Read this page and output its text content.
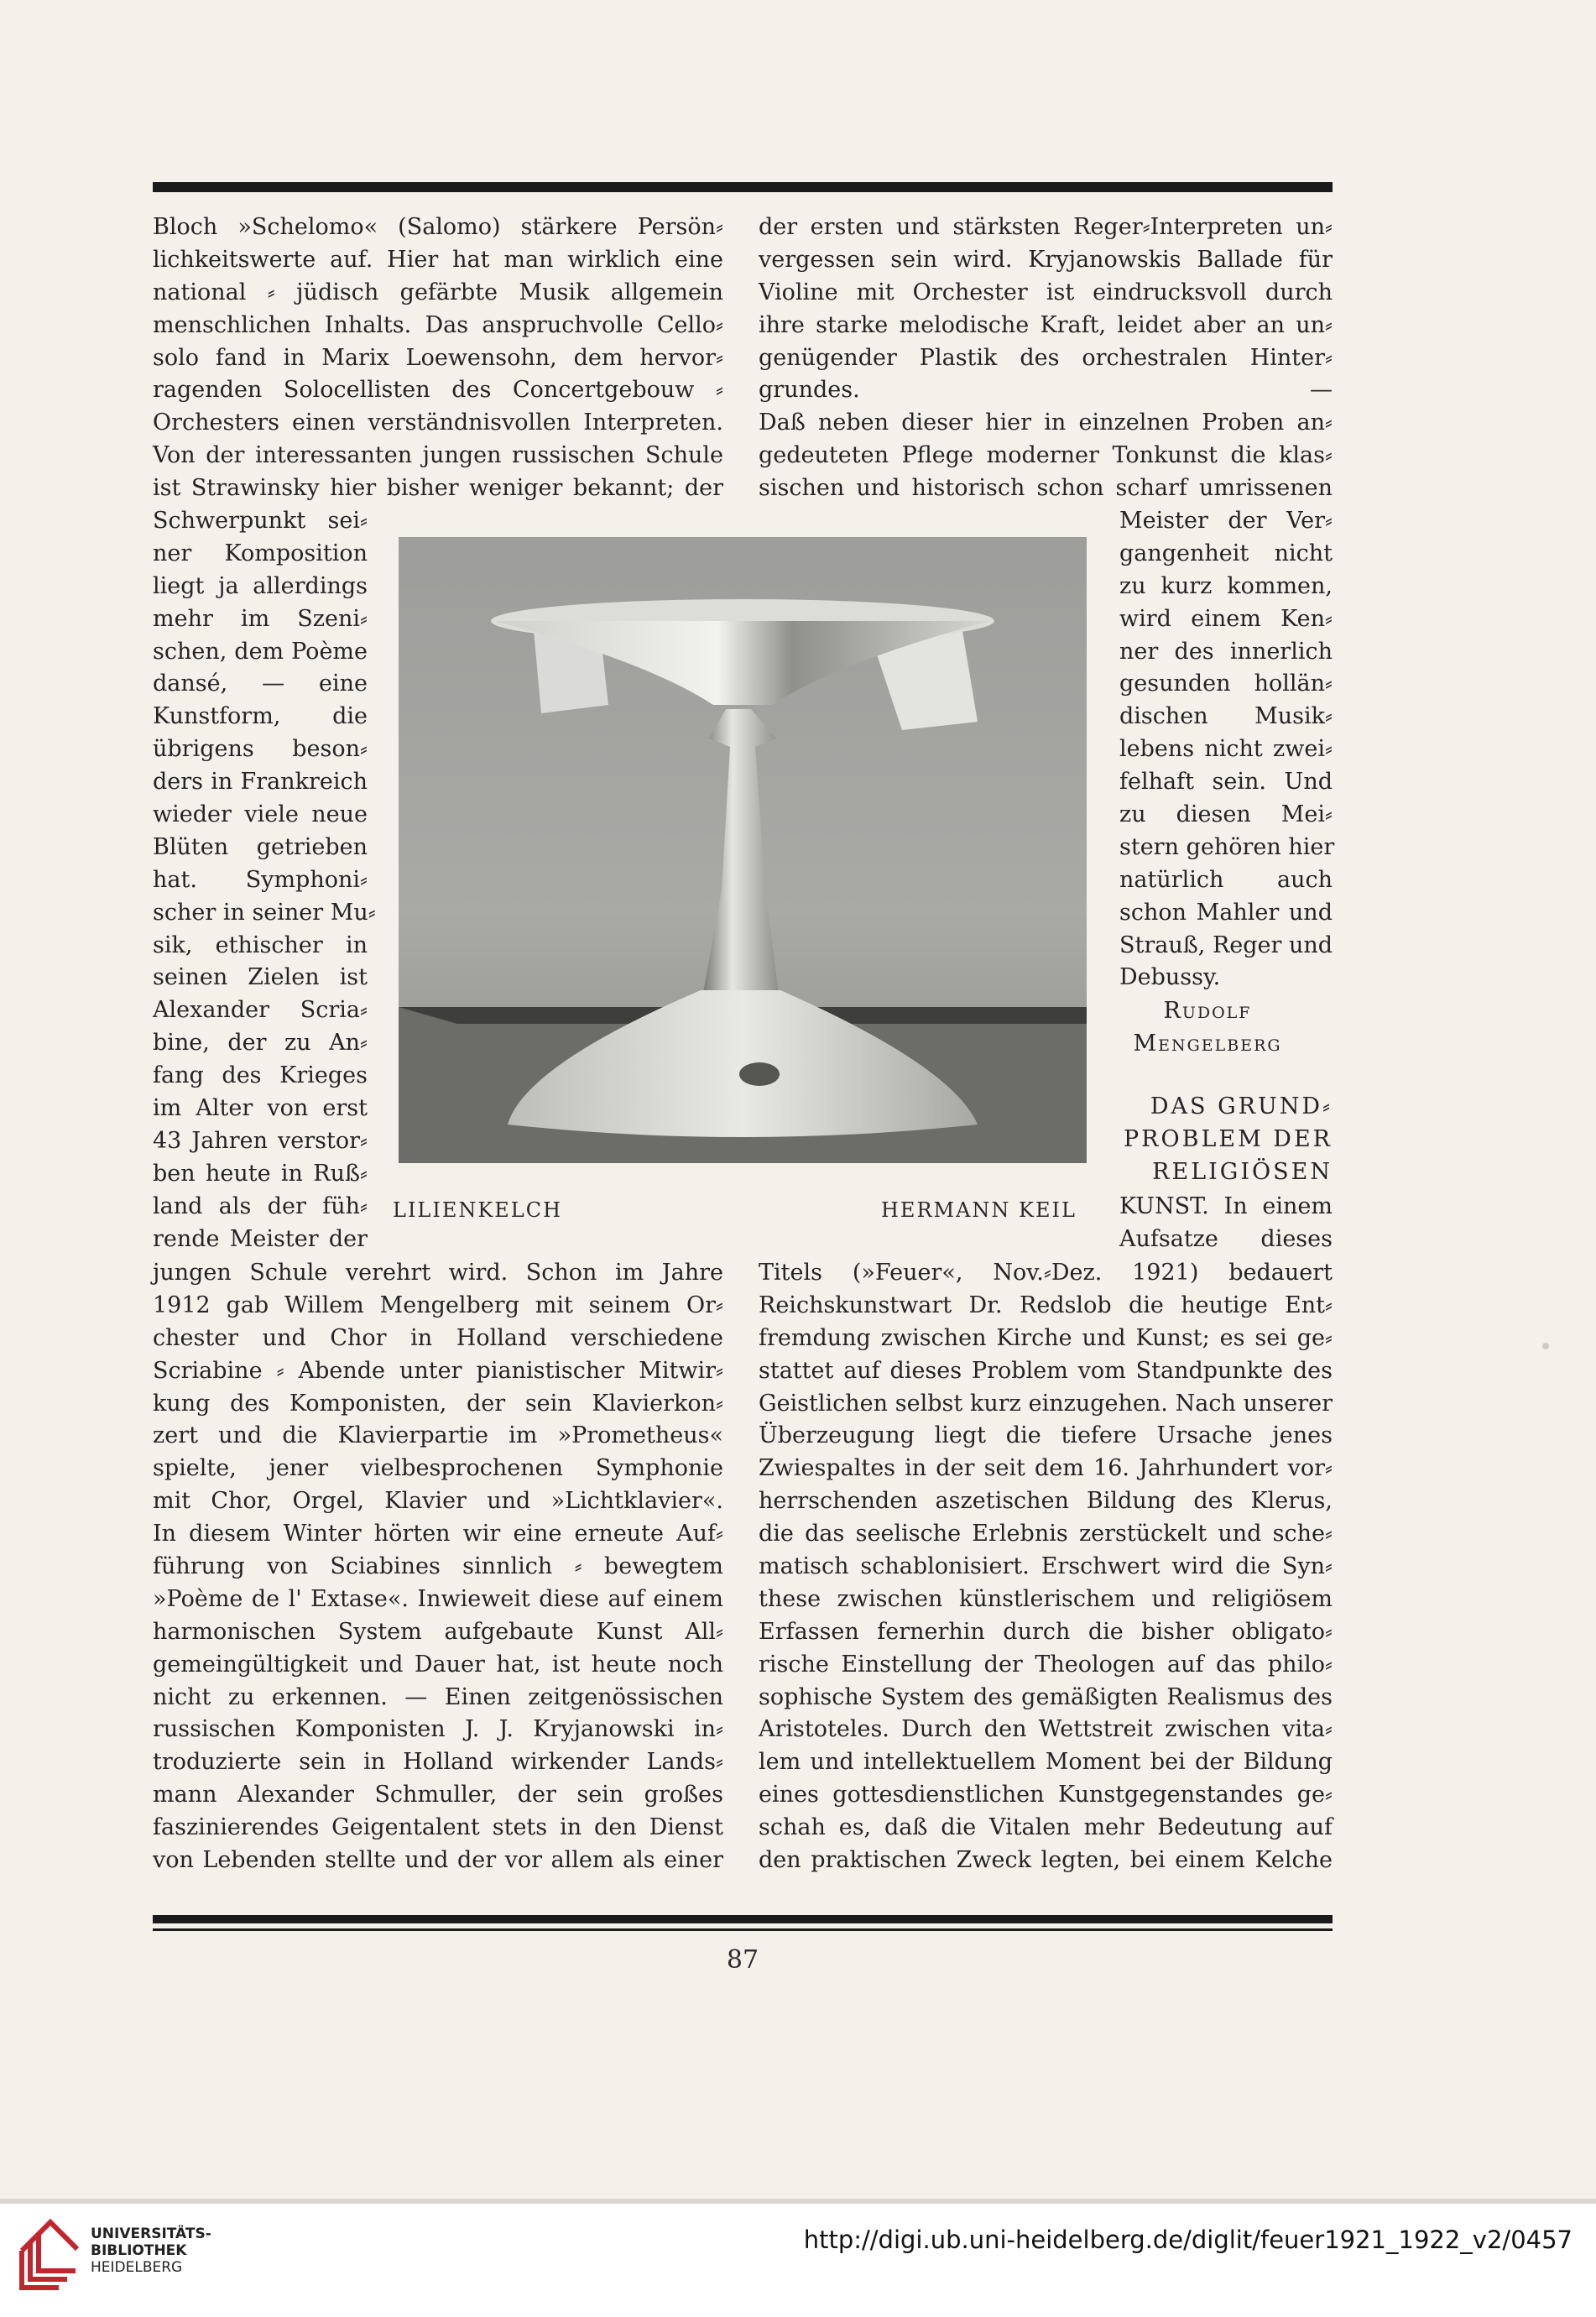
Bloch »Schelomo« (Salomo) stärkere Persön⸗
lichkeitswerte auf. Hier hat man wirklich eine
national ⸗ jüdisch gefärbte Musik allgemein
menschlichen Inhalts. Das anspruchvolle Cello⸗
solo fand in Marix Loewensohn, dem hervor⸗
ragenden Solocellisten des Concertgebouw ⸗
Orchesters einen verständnisvollen Interpreten.
Von der interessanten jungen russischen Schule
ist Strawinsky hier bisher weniger bekannt; der
Schwerpunkt sei⸗
ner Komposition
liegt ja allerdings
mehr im Szeni⸗
schen, dem Poème
dansé, — eine
Kunstform, die
übrigens beson⸗
ders in Frankreich
wieder viele neue
Blüten getrieben
hat. Symphoni⸗
scher in seiner Mu⸗
sik, ethischer in
seinen Zielen ist
Alexander Scria⸗
bine, der zu An⸗
fang des Krieges
im Alter von erst
43 Jahren verstor⸗
ben heute in Ruß⸗
land als der füh⸗
rende Meister der
jungen Schule verehrt wird. Schon im Jahre
1912 gab Willem Mengelberg mit seinem Or⸗
chester und Chor in Holland verschiedene
Scriabine ⸗ Abende unter pianistischer Mitwir⸗
kung des Komponisten, der sein Klavierkon⸗
zert und die Klavierpartie im »Prometheus«
spielte, jener vielbesprochenen Symphonie
mit Chor, Orgel, Klavier und »Lichtklavier«.
In diesem Winter hörten wir eine erneute Auf⸗
führung von Sciabines sinnlich ⸗ bewegtem
»Poème de l' Extase«. Inwieweit diese auf einem
harmonischen System aufgebaute Kunst All⸗
gemeingültigkeit und Dauer hat, ist heute noch
nicht zu erkennen. — Einen zeitgenössischen
russischen Komponisten J. J. Kryjanowski in⸗
troduzierte sein in Holland wirkender Lands⸗
mann Alexander Schmuller, der sein großes
faszinierendes Geigentalent stets in den Dienst
von Lebenden stellte und der vor allem als einer
der ersten und stärksten Reger⸗Interpreten un⸗
vergessen sein wird. Kryjanowskis Ballade für
Violine mit Orchester ist eindrucksvoll durch
ihre starke melodische Kraft, leidet aber an un⸗
genügender Plastik des orchestralen Hinter⸗
grundes. —
Daß neben dieser hier in einzelnen Proben an⸗
gedeuteten Pflege moderner Tonkunst die klas⸗
sischen und historisch schon scharf umrissenen
Meister der Ver⸗
gangenheit nicht
zu kurz kommen,
wird einem Ken⸗
ner des innerlich
gesunden hollän⸗
dischen Musik⸗
lebens nicht zwei⸗
felhaft sein. Und
zu diesen Mei⸗
stern gehören hier
natürlich auch
schon Mahler und
Strauß, Reger und
Debussy.
Rudolf
Mengelberg
DAS GRUND⸗
PROBLEM DER
RELIGIÖSEN
KUNST. In einem
Aufsatze dieses
Titels (»Feuer«, Nov.⸗Dez. 1921) bedauert
Reichskunstwart Dr. Redslob die heutige Ent⸗
fremdung zwischen Kirche und Kunst; es sei ge⸗
stattet auf dieses Problem vom Standpunkte des
Geistlichen selbst kurz einzugehen. Nach unserer
Überzeugung liegt die tiefere Ursache jenes
Zwiespaltes in der seit dem 16. Jahrhundert vor⸗
herrschenden aszetischen Bildung des Klerus,
die das seelische Erlebnis zerstückelt und sche⸗
matisch schablonisiert. Erschwert wird die Syn⸗
these zwischen künstlerischem und religiösem
Erfassen fernerhin durch die bisher obligato⸗
rische Einstellung der Theologen auf das philo⸗
sophische System des gemäßigten Realismus des
Aristoteles. Durch den Wettstreit zwischen vita⸗
lem und intellektuellem Moment bei der Bildung
eines gottesdienstlichen Kunstgegenstandes ge⸗
schah es, daß die Vitalen mehr Bedeutung auf
den praktischen Zweck legten, bei einem Kelche
LILIENKELCH	HERMANN KEIL
87
UNIVERSITÄTS-
BIBLIOTHEK
HEIDELBERG
http://digi.ub.uni-heidelberg.de/diglit/feuer1921_1922_v2/0457
